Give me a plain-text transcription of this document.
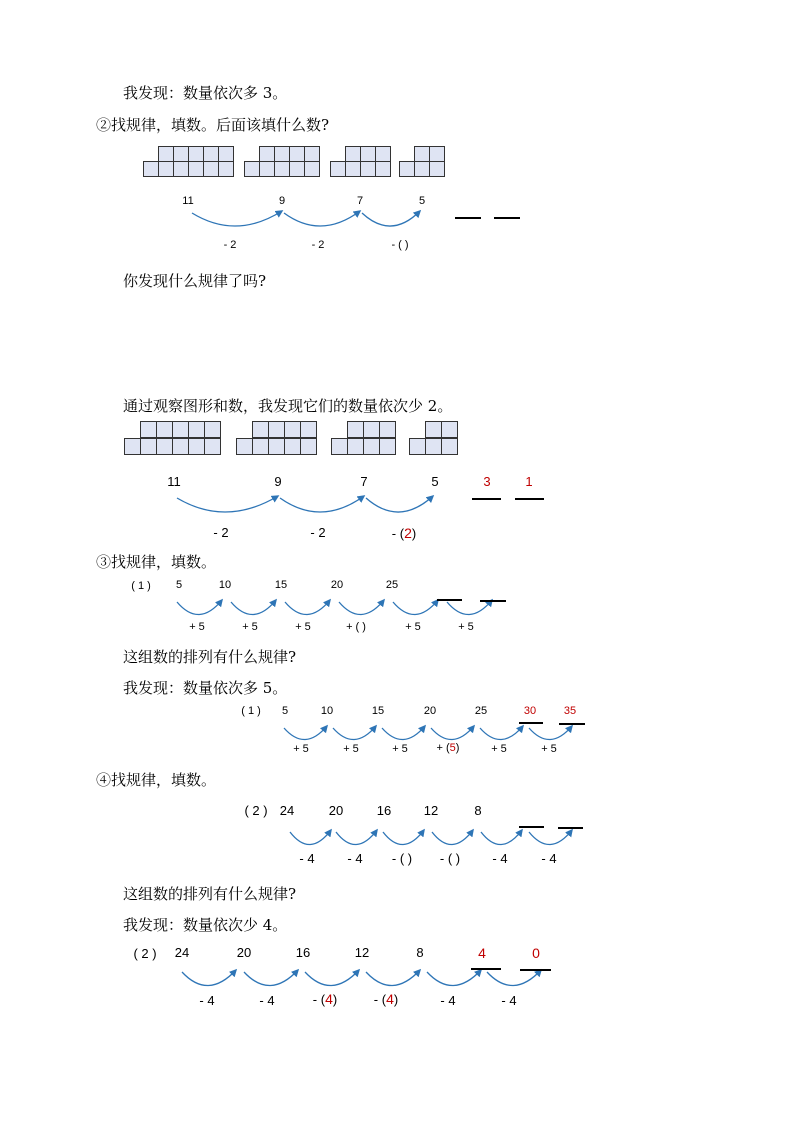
我发现：数量依次多 3。
②找规律，填数。后面该填什么数?
11	9	7	5
- 2	- 2	- ( )
你发现什么规律了吗?
通过观察图形和数，我发现它们的数量依次少 2。
11	9	7	5	3	1
- 2	- 2	- (2)
③找规律，填数。
( 1 )	5	10	15	20	25
+ 5	+ 5	+ 5	+ ( )	+ 5	+ 5
这组数的排列有什么规律?
我发现：数量依次多 5。
( 1 )	5	10	15	20	25	30	35
+ 5	+ 5	+ 5	+ (5)	+ 5	+ 5
④找规律，填数。
( 2 ) 24	20	16	12	8
- 4	- 4	- ( )	- ( )	- 4	- 4
这组数的排列有什么规律?
我发现：数量依次少 4。
( 2 )	24	20	16	12	8	4	0
- 4	- 4	- (4)	- (4)	- 4	- 4
